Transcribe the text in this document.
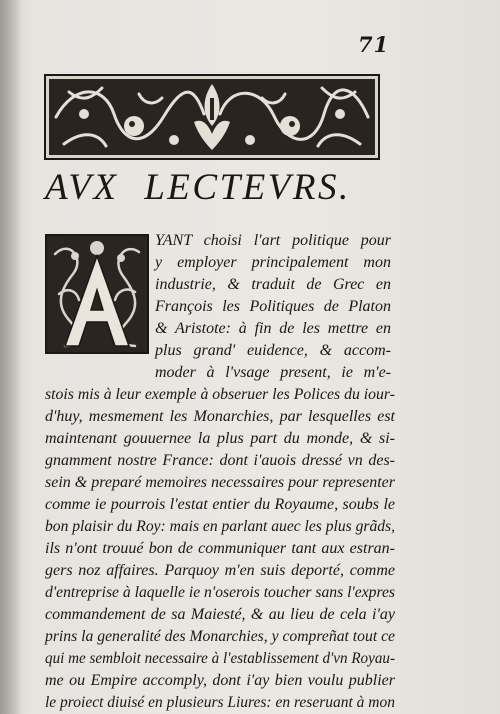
71
AVX LECTEVRS.
YANT choisi l'art politique pour
y employer principalement mon
industrie, & traduit de Grec en
François les Politiques de Platon
& Aristote: à fin de les mettre en
plus grand' euidence, & accom-
moder à l'vsage present, ie m'e-
stois mis à leur exemple à obseruer les Polices du iour-
d'huy, mesmement les Monarchies, par lesquelles est
maintenant gouuernee la plus part du monde, & si-
gnamment nostre France: dont i'auois dressé vn des-
sein & preparé memoires necessaires pour representer
comme ie pourrois l'estat entier du Royaume, soubs le
bon plaisir du Roy: mais en parlant auec les plus grãds,
ils n'ont trouué bon de communiquer tant aux estran-
gers noz affaires. Parquoy m'en suis deporté, comme
d'entreprise à laquelle ie n'oserois toucher sans l'expres
commandement de sa Maiesté, & au lieu de cela i'ay
prins la generalité des Monarchies, y compreñat tout ce
qui me sembloit necessaire à l'establissement d'vn Royau-
me ou Empire accomply, dont i'ay bien voulu publier
le proiect diuisé en plusieurs Liures: en reseruant à mon
